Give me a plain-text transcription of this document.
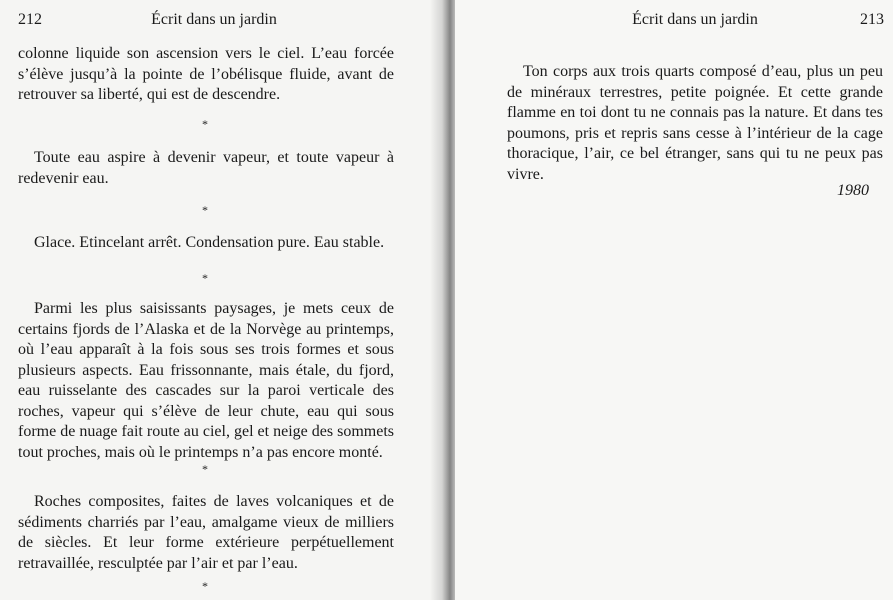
212	Écrit dans un jardin

colonne liquide son ascension vers le ciel. L’eau forcée s’élève jusqu’à la pointe de l’obélisque fluide, avant de retrouver sa liberté, qui est de descendre.

*

Toute eau aspire à devenir vapeur, et toute vapeur à redevenir eau.

*

Glace. Etincelant arrêt. Condensation pure. Eau stable.

*

Parmi les plus saisissants paysages, je mets ceux de certains fjords de l’Alaska et de la Norvège au printemps, où l’eau apparaît à la fois sous ses trois formes et sous plusieurs aspects. Eau frissonnante, mais étale, du fjord, eau ruisselante des cascades sur la paroi verticale des roches, vapeur qui s’élève de leur chute, eau qui sous forme de nuage fait route au ciel, gel et neige des sommets tout proches, mais où le printemps n’a pas encore monté.

*

Roches composites, faites de laves volcaniques et de sédiments charriés par l’eau, amalgame vieux de milliers de siècles. Et leur forme extérieure perpétuellement retravaillée, resculptée par l’air et par l’eau.

*
Écrit dans un jardin	213

Ton corps aux trois quarts composé d’eau, plus un peu de minéraux terrestres, petite poignée. Et cette grande flamme en toi dont tu ne connais pas la nature. Et dans tes poumons, pris et repris sans cesse à l’intérieur de la cage thoracique, l’air, ce bel étranger, sans qui tu ne peux pas vivre.

1980
